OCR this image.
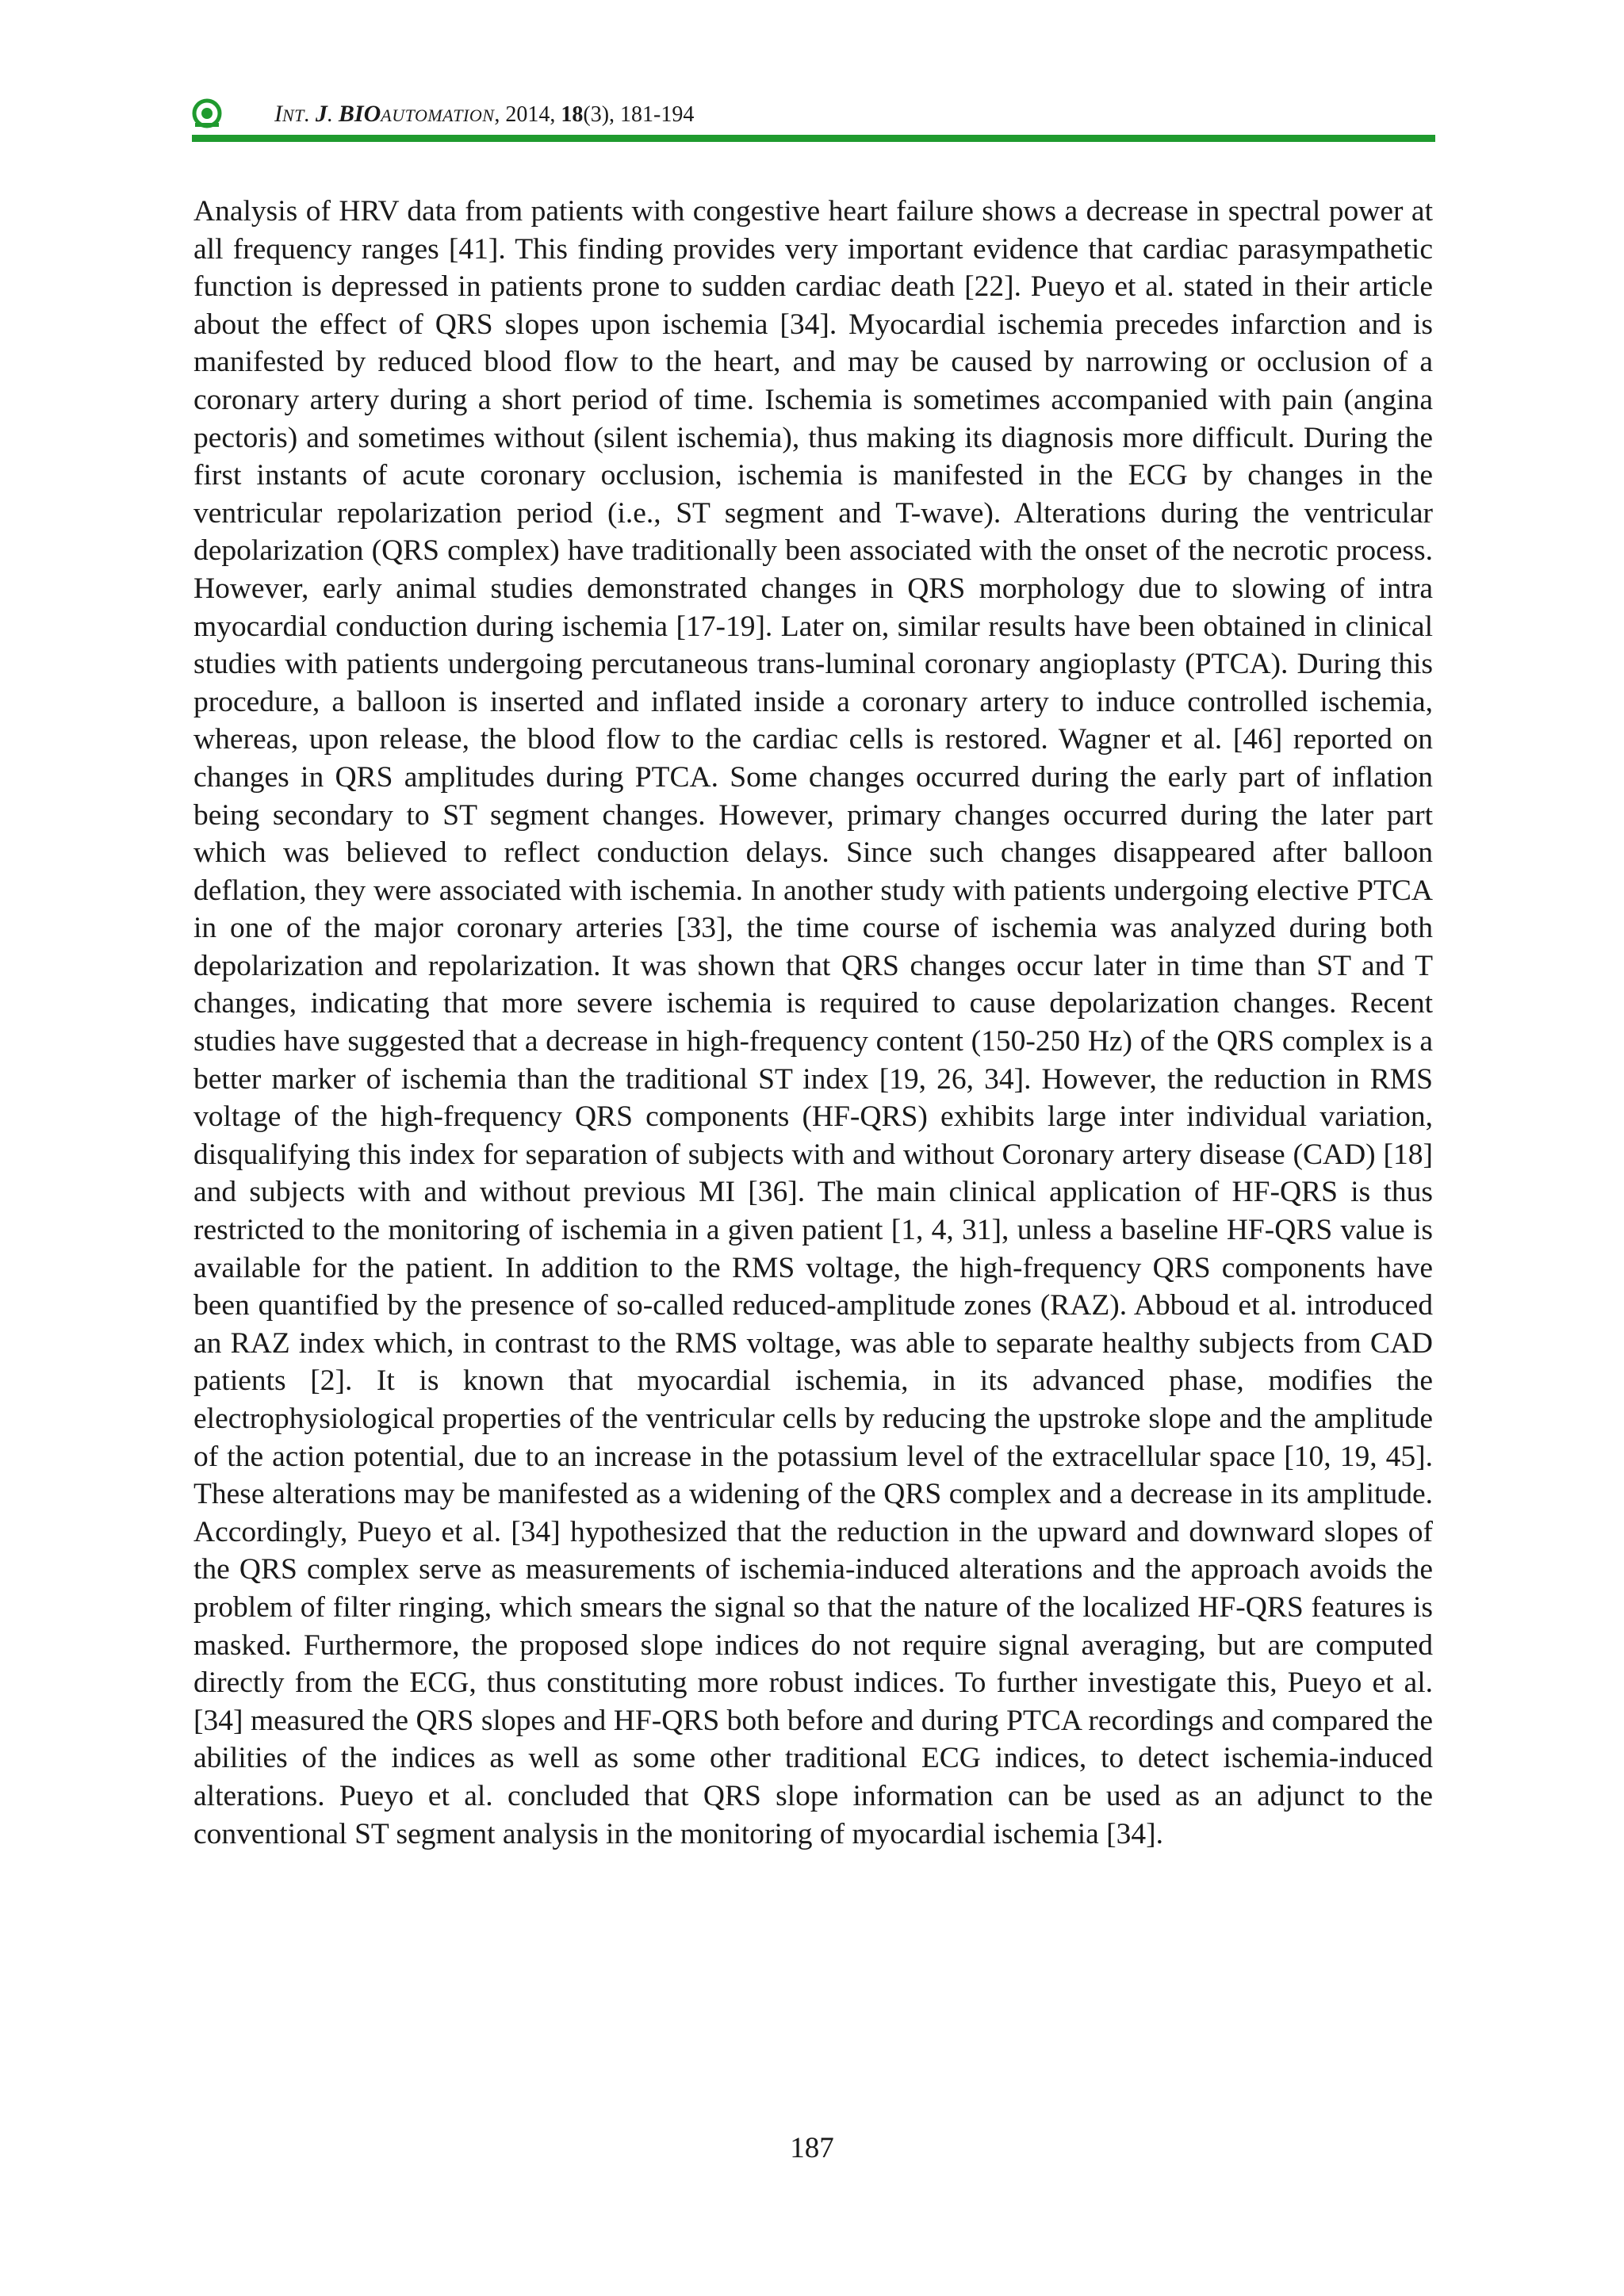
INT. J. BIOAUTOMATION, 2014, 18(3), 181-194

Analysis of HRV data from patients with congestive heart failure shows a decrease in spectral power at all frequency ranges [41]. This finding provides very important evidence that cardiac parasympathetic function is depressed in patients prone to sudden cardiac death [22]. Pueyo et al. stated in their article about the effect of QRS slopes upon ischemia [34]. Myocardial ischemia precedes infarction and is manifested by reduced blood flow to the heart, and may be caused by narrowing or occlusion of a coronary artery during a short period of time. Ischemia is sometimes accompanied with pain (angina pectoris) and sometimes without (silent ischemia), thus making its diagnosis more difficult. During the first instants of acute coronary occlusion, ischemia is manifested in the ECG by changes in the ventricular repolarization period (i.e., ST segment and T-wave). Alterations during the ventricular depolarization (QRS complex) have traditionally been associated with the onset of the necrotic process. However, early animal studies demonstrated changes in QRS morphology due to slowing of intra myocardial conduction during ischemia [17-19]. Later on, similar results have been obtained in clinical studies with patients undergoing percutaneous trans-luminal coronary angioplasty (PTCA). During this procedure, a balloon is inserted and inflated inside a coronary artery to induce controlled ischemia, whereas, upon release, the blood flow to the cardiac cells is restored. Wagner et al. [46] reported on changes in QRS amplitudes during PTCA. Some changes occurred during the early part of inflation being secondary to ST segment changes. However, primary changes occurred during the later part which was believed to reflect conduction delays. Since such changes disappeared after balloon deflation, they were associated with ischemia. In another study with patients undergoing elective PTCA in one of the major coronary arteries [33], the time course of ischemia was analyzed during both depolarization and repolarization. It was shown that QRS changes occur later in time than ST and T changes, indicating that more severe ischemia is required to cause depolarization changes. Recent studies have suggested that a decrease in high-frequency content (150-250 Hz) of the QRS complex is a better marker of ischemia than the traditional ST index [19, 26, 34]. However, the reduction in RMS voltage of the high-frequency QRS components (HF-QRS) exhibits large inter individual variation, disqualifying this index for separation of subjects with and without Coronary artery disease (CAD) [18] and subjects with and without previous MI [36]. The main clinical application of HF-QRS is thus restricted to the monitoring of ischemia in a given patient [1, 4, 31], unless a baseline HF-QRS value is available for the patient. In addition to the RMS voltage, the high-frequency QRS components have been quantified by the presence of so-called reduced-amplitude zones (RAZ). Abboud et al. introduced an RAZ index which, in contrast to the RMS voltage, was able to separate healthy subjects from CAD patients [2]. It is known that myocardial ischemia, in its advanced phase, modifies the electrophysiological properties of the ventricular cells by reducing the upstroke slope and the amplitude of the action potential, due to an increase in the potassium level of the extracellular space [10, 19, 45]. These alterations may be manifested as a widening of the QRS complex and a decrease in its amplitude. Accordingly, Pueyo et al. [34] hypothesized that the reduction in the upward and downward slopes of the QRS complex serve as measurements of ischemia-induced alterations and the approach avoids the problem of filter ringing, which smears the signal so that the nature of the localized HF-QRS features is masked. Furthermore, the proposed slope indices do not require signal averaging, but are computed directly from the ECG, thus constituting more robust indices. To further investigate this, Pueyo et al. [34] measured the QRS slopes and HF-QRS both before and during PTCA recordings and compared the abilities of the indices as well as some other traditional ECG indices, to detect ischemia-induced alterations. Pueyo et al. concluded that QRS slope information can be used as an adjunct to the conventional ST segment analysis in the monitoring of myocardial ischemia [34].

187
